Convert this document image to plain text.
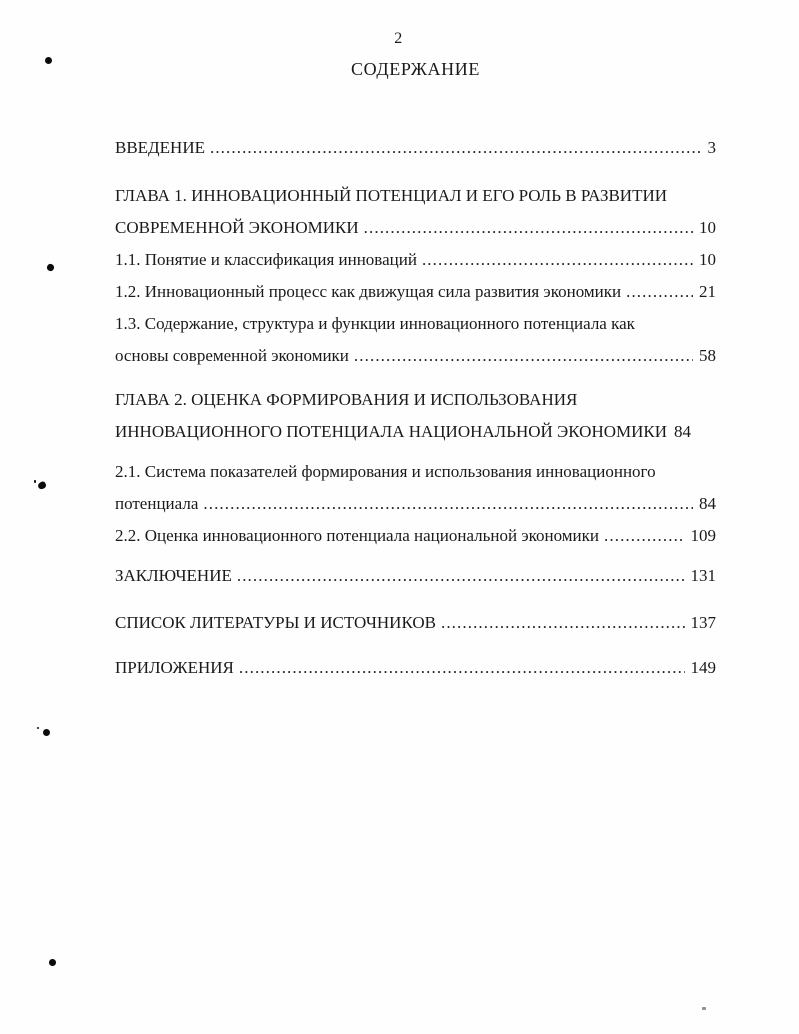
2
СОДЕРЖАНИЕ
ВВЕДЕНИЕ .....	3
ГЛАВА 1. ИННОВАЦИОННЫЙ ПОТЕНЦИАЛ И ЕГО РОЛЬ В РАЗВИТИИ
СОВРЕМЕННОЙ ЭКОНОМИКИ .....	10
1.1. Понятие и классификация инноваций .....	10
1.2. Инновационный процесс как движущая сила развития экономики .....	21
1.3. Содержание, структура и функции инновационного потенциала как
основы современной экономики .....	58
ГЛАВА 2. ОЦЕНКА ФОРМИРОВАНИЯ И ИСПОЛЬЗОВАНИЯ
ИННОВАЦИОННОГО ПОТЕНЦИАЛА НАЦИОНАЛЬНОЙ ЭКОНОМИКИ 84
2.1. Система показателей формирования и использования инновационного
потенциала .....	84
2.2. Оценка инновационного потенциала национальной экономики .....	109
ЗАКЛЮЧЕНИЕ .....	131
СПИСОК ЛИТЕРАТУРЫ И ИСТОЧНИКОВ .....	137
ПРИЛОЖЕНИЯ .....	149
